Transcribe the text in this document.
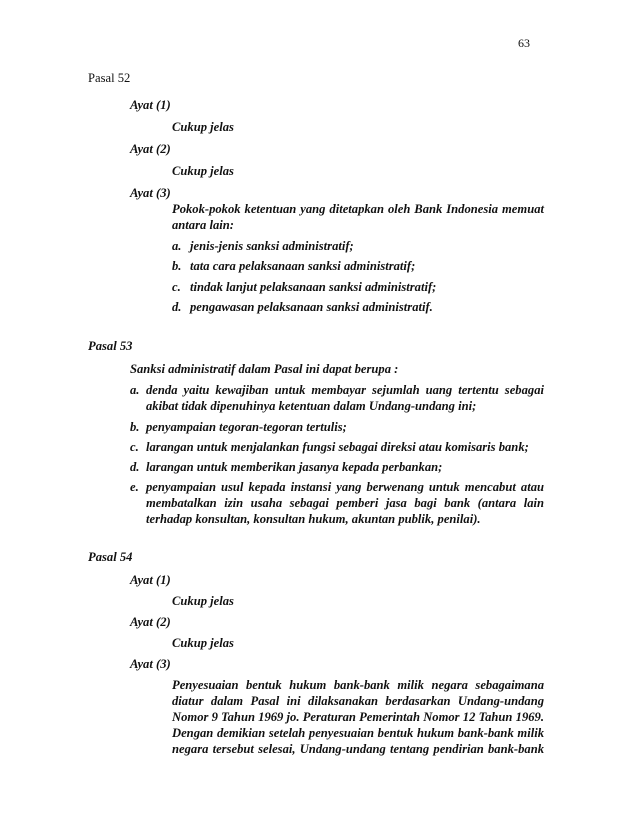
63
Pasal 52
Ayat (1)
Cukup jelas
Ayat (2)
Cukup jelas
Ayat (3)
Pokok-pokok ketentuan yang ditetapkan oleh Bank Indonesia memuat
antara lain:
a. jenis-jenis sanksi administratif;
b. tata cara pelaksanaan sanksi administratif;
c. tindak lanjut pelaksanaan sanksi administratif;
d. pengawasan pelaksanaan sanksi administratif.
Pasal 53
Sanksi administratif dalam Pasal ini dapat berupa :
a. denda yaitu kewajiban untuk membayar sejumlah uang tertentu sebagai
akibat tidak dipenuhinya ketentuan dalam Undang-undang ini;
b. penyampaian tegoran-tegoran tertulis;
c. larangan untuk menjalankan fungsi sebagai direksi atau komisaris bank;
d. larangan untuk memberikan jasanya kepada perbankan;
e. penyampaian usul kepada instansi yang berwenang untuk mencabut atau
membatalkan izin usaha sebagai pemberi jasa bagi bank (antara lain
terhadap konsultan, konsultan hukum, akuntan publik, penilai).
Pasal 54
Ayat (1)
Cukup jelas
Ayat (2)
Cukup jelas
Ayat (3)
Penyesuaian bentuk hukum bank-bank milik negara sebagaimana
diatur dalam Pasal ini dilaksanakan berdasarkan Undang-undang
Nomor 9 Tahun 1969 jo. Peraturan Pemerintah Nomor 12 Tahun 1969.
Dengan demikian setelah penyesuaian bentuk hukum bank-bank milik
negara tersebut selesai, Undang-undang tentang pendirian bank-bank
